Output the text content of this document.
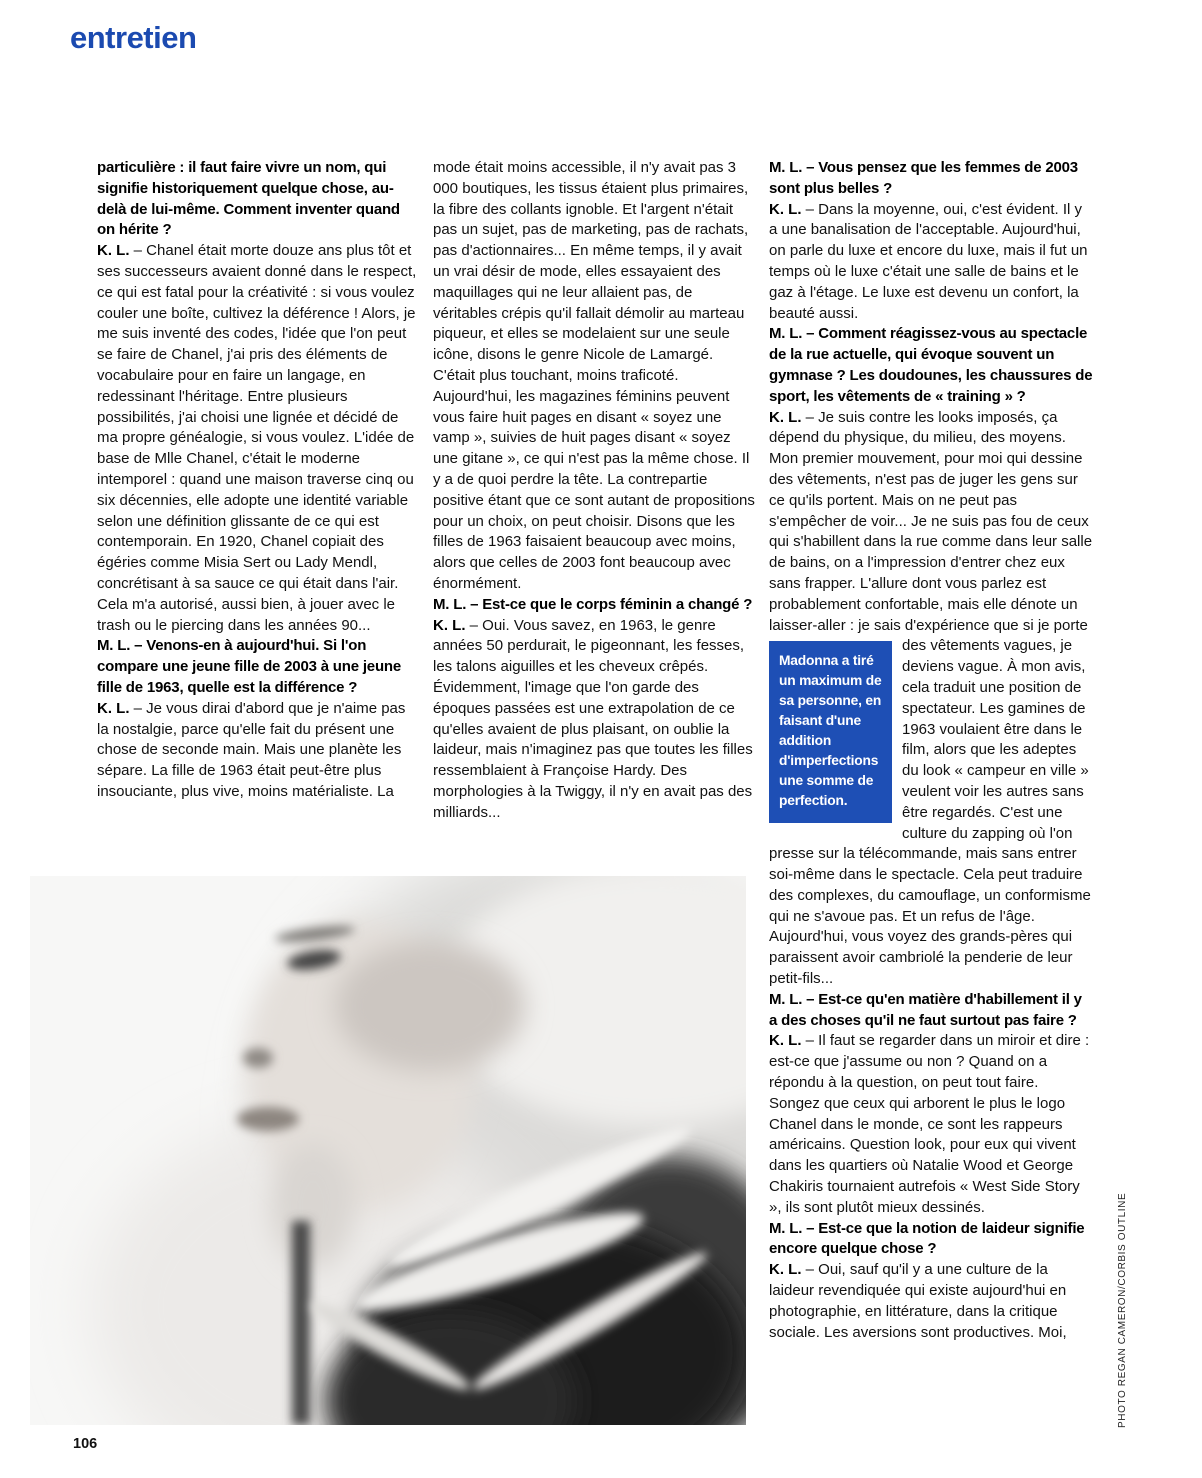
entretien

particulière : il faut faire vivre un nom, qui signifie historiquement quelque chose, au-delà de lui-même. Comment inventer quand on hérite ?

K. L. – Chanel était morte douze ans plus tôt et ses successeurs avaient donné dans le respect, ce qui est fatal pour la créativité : si vous voulez couler une boîte, cultivez la déférence ! Alors, je me suis inventé des codes, l'idée que l'on peut se faire de Chanel, j'ai pris des éléments de vocabulaire pour en faire un langage, en redessinant l'héritage. Entre plusieurs possibilités, j'ai choisi une lignée et décidé de ma propre généalogie, si vous voulez. L'idée de base de Mlle Chanel, c'était le moderne intemporel : quand une maison traverse cinq ou six décennies, elle adopte une identité variable selon une définition glissante de ce qui est contemporain. En 1920, Chanel copiait des égéries comme Misia Sert ou Lady Mendl, concrétisant à sa sauce ce qui était dans l'air. Cela m'a autorisé, aussi bien, à jouer avec le trash ou le piercing dans les années 90...

M. L. – Venons-en à aujourd'hui. Si l'on compare une jeune fille de 2003 à une jeune fille de 1963, quelle est la différence ?

K. L. – Je vous dirai d'abord que je n'aime pas la nostalgie, parce qu'elle fait du présent une chose de seconde main. Mais une planète les sépare. La fille de 1963 était peut-être plus insouciante, plus vive, moins matérialiste. La

mode était moins accessible, il n'y avait pas 3 000 boutiques, les tissus étaient plus primaires, la fibre des collants ignoble. Et l'argent n'était pas un sujet, pas de marketing, pas de rachats, pas d'actionnaires... En même temps, il y avait un vrai désir de mode, elles essayaient des maquillages qui ne leur allaient pas, de véritables crépis qu'il fallait démolir au marteau piqueur, et elles se modelaient sur une seule icône, disons le genre Nicole de Lamargé. C'était plus touchant, moins traficoté. Aujourd'hui, les magazines féminins peuvent vous faire huit pages en disant « soyez une vamp », suivies de huit pages disant « soyez une gitane », ce qui n'est pas la même chose. Il y a de quoi perdre la tête. La contrepartie positive étant que ce sont autant de propositions pour un choix, on peut choisir. Disons que les filles de 1963 faisaient beaucoup avec moins, alors que celles de 2003 font beaucoup avec énormément.

M. L. – Est-ce que le corps féminin a changé ?

K. L. – Oui. Vous savez, en 1963, le genre années 50 perdurait, le pigeonnant, les fesses, les talons aiguilles et les cheveux crêpés. Évidemment, l'image que l'on garde des époques passées est une extrapolation de ce qu'elles avaient de plus plaisant, on oublie la laideur, mais n'imaginez pas que toutes les filles ressemblaient à Françoise Hardy. Des morphologies à la Twiggy, il n'y en avait pas des milliards...

M. L. – Vous pensez que les femmes de 2003 sont plus belles ?

K. L. – Dans la moyenne, oui, c'est évident. Il y a une banalisation de l'acceptable. Aujourd'hui, on parle du luxe et encore du luxe, mais il fut un temps où le luxe c'était une salle de bains et le gaz à l'étage. Le luxe est devenu un confort, la beauté aussi.

M. L. – Comment réagissez-vous au spectacle de la rue actuelle, qui évoque souvent un gymnase ? Les doudounes, les chaussures de sport, les vêtements de « training » ?

K. L. – Je suis contre les looks imposés, ça dépend du physique, du milieu, des moyens. Mon premier mouvement, pour moi qui dessine des vêtements, n'est pas de juger les gens sur ce qu'ils portent. Mais on ne peut pas s'empêcher de voir... Je ne suis pas fou de ceux qui s'habillent dans la rue comme dans leur salle de bains, on a l'impression d'entrer chez eux sans frapper. L'allure dont vous parlez est probablement confortable, mais elle dénote un laisser-aller : je sais d'expérience que si je porte des vêtements vagues, je
Madonna a tiré un maximum de sa personne, en faisant d'une addition d'imperfections une somme de perfection.
deviens vague. À mon avis, cela traduit une position de spectateur. Les gamines de 1963 voulaient être dans le film, alors que les adeptes du look « campeur en ville » veulent voir les autres sans être regardés. C'est une culture du zapping où l'on presse sur la télécommande, mais sans entrer soi-même dans le spectacle. Cela peut traduire des complexes, du camouflage, un conformisme qui ne s'avoue pas. Et un refus de l'âge. Aujourd'hui, vous voyez des grands-pères qui paraissent avoir cambriolé la penderie de leur petit-fils...

M. L. – Est-ce qu'en matière d'habillement il y a des choses qu'il ne faut surtout pas faire ?

K. L. – Il faut se regarder dans un miroir et dire : est-ce que j'assume ou non ? Quand on a répondu à la question, on peut tout faire. Songez que ceux qui arborent le plus le logo Chanel dans le monde, ce sont les rappeurs américains. Question look, pour eux qui vivent dans les quartiers où Natalie Wood et George Chakiris tournaient autrefois « West Side Story », ils sont plutôt mieux dessinés.

M. L. – Est-ce que la notion de laideur signifie encore quelque chose ?

K. L. – Oui, sauf qu'il y a une culture de la laideur revendiquée qui existe aujourd'hui en photographie, en littérature, dans la critique sociale. Les aversions sont productives. Moi,	PHOTO REGAN CAMERON/CORBIS OUTLINE
106
